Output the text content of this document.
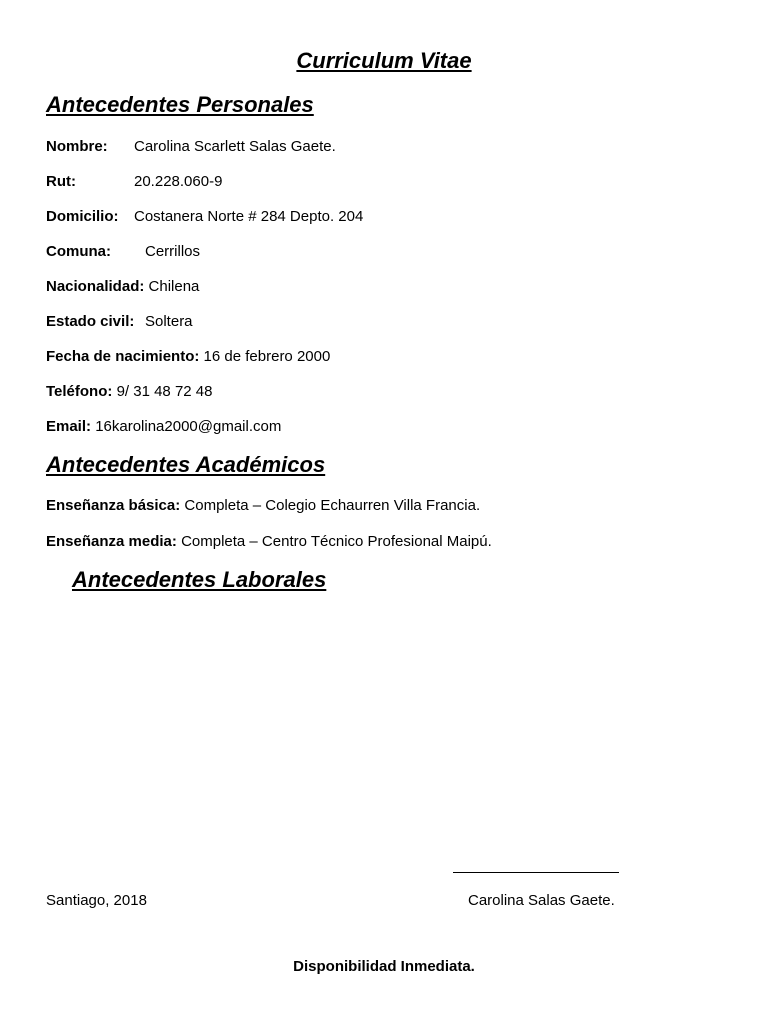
Curriculum Vitae
Antecedentes Personales
Nombre: Carolina Scarlett Salas Gaete.
Rut:	20.228.060-9
Domicilio: Costanera Norte # 284 Depto. 204
Comuna: Cerrillos
Nacionalidad: Chilena
Estado civil: Soltera
Fecha de nacimiento: 16 de febrero 2000
Teléfono: 9/ 31 48 72 48
Email: 16karolina2000@gmail.com
Antecedentes Académicos
Enseñanza básica: Completa – Colegio Echaurren Villa Francia.
Enseñanza media: Completa – Centro Técnico Profesional Maipú.
Antecedentes Laborales
Santiago, 2018	Carolina Salas Gaete.
Disponibilidad Inmediata.
